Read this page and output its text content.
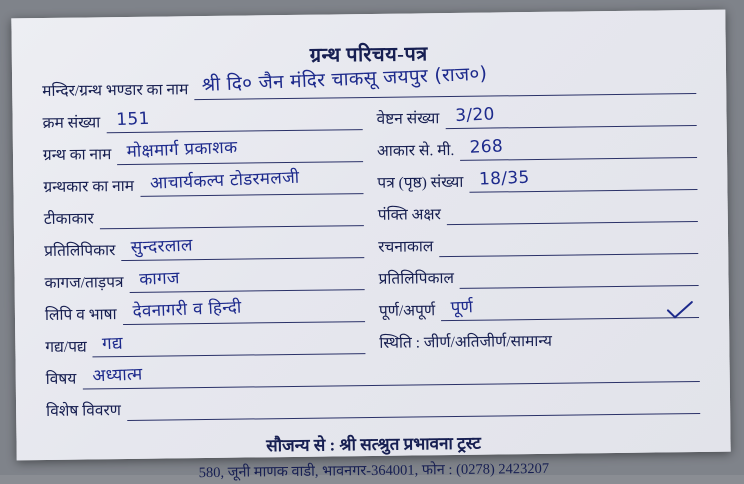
ग्रन्थ परिचय-पत्र
मन्दिर/ग्रन्थ भण्डार का नाम श्री दि० जैन मंदिर चाकसू जयपुर (राज०)
क्रम संख्या 151	वेष्टन संख्या 3/20
ग्रन्थ का नाम मोक्षमार्ग प्रकाशक	आकार से. मी. 268
ग्रन्थकार का नाम आचार्यकल्प टोडरमलजी	पत्र (पृष्ठ) संख्या 18/35
टीकाकार	पंक्ति अक्षर
प्रतिलिपिकार सुन्दरलाल	रचनाकाल
कागज/ताड़पत्र कागज	प्रतिलिपिकाल
लिपि व भाषा देवनागरी व हिन्दी	पूर्ण/अपूर्ण पूर्ण
गद्य/पद्य गद्य	स्थिति : जीर्ण/अतिजीर्ण/सामान्य
विषय अध्यात्म
विशेष विवरण
सौजन्य से : श्री सत्श्रुत प्रभावना ट्रस्ट
580, जूनी माणक वाडी, भावनगर-364001, फोन : (0278) 2423207
